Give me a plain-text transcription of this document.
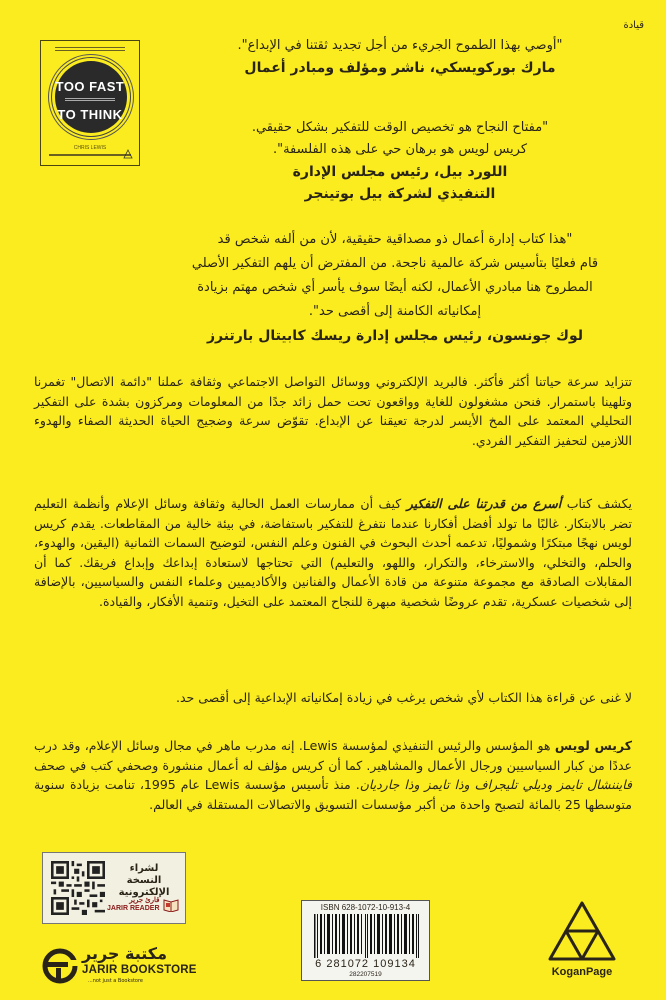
قيادة
TOO FAST
TO THINK
CHRIS LEWIS
"أوصي بهذا الطموح الجريء من أجل تجديد ثقتنا في الإبداع".
مارك بوركويسكي، ناشر ومؤلف ومبادر أعمال
"مفتاح النجاح هو تخصيص الوقت للتفكير بشكل حقيقي.
كريس لويس هو برهان حي على هذه الفلسفة".
اللورد بيل، رئيس مجلس الإدارة
التنفيذي لشركة بيل بوتينجر
"هذا كتاب إدارة أعمال ذو مصداقية حقيقية، لأن من ألفه شخص قد
قام فعليًا بتأسيس شركة عالمية ناجحة. من المفترض أن يلهم التفكير الأصلي
المطروح هنا مبادري الأعمال، لكنه أيضًا سوف يأسر أي شخص مهتم بزيادة
إمكانياته الكامنة إلى أقصى حد".
لوك جونسون، رئيس مجلس إدارة ريسك كابيتال بارتنرز

تتزايد سرعة حياتنا أكثر فأكثر. فالبريد الإلكتروني ووسائل التواصل الاجتماعي وثقافة عملنا "دائمة الاتصال" تغمرنا وتلهينا باستمرار. فنحن مشغولون للغاية وواقعون تحت حمل زائد جدًا من المعلومات ومركزون بشدة على التفكير التحليلي المعتمد على المخ الأيسر لدرجة تعيقنا عن الإبداع. تقوّض سرعة وضجيج الحياة الحديثة الصفاء والهدوء اللازمين لتحفيز التفكير الفردي.

يكشف كتاب أسرع من قدرتنا على التفكير كيف أن ممارسات العمل الحالية وثقافة وسائل الإعلام وأنظمة التعليم تضر بالابتكار. غالبًا ما تولد أفضل أفكارنا عندما نتفرغ للتفكير باستفاضة، في بيئة خالية من المقاطعات. يقدم كريس لويس نهجًا مبتكرًا وشموليًا، تدعمه أحدث البحوث في الفنون وعلم النفس، لتوضيح السمات الثمانية (اليقين، والهدوء، والحلم، والتخلي، والاسترخاء، والتكرار، واللهو، والتعليم) التي تحتاجها لاستعادة إبداعك وإبداع فريقك. كما أن المقابلات الصادقة مع مجموعة متنوعة من قادة الأعمال والفنانين والأكاديميين وعلماء النفس والسياسيين، بالإضافة إلى شخصيات عسكرية، تقدم عروضًا شخصية مبهرة للنجاح المعتمد على التخيل، وتنمية الأفكار، والقيادة.

لا غنى عن قراءة هذا الكتاب لأي شخص يرغب في زيادة إمكانياته الإبداعية إلى أقصى حد.

كريس لويس هو المؤسس والرئيس التنفيذي لمؤسسة Lewis. إنه مدرب ماهر في مجال وسائل الإعلام، وقد درب عددًا من كبار السياسيين ورجال الأعمال والمشاهير. كما أن كريس مؤلف له أعمال منشورة وصحفي كتب في صحف فايننشال تايمز وديلي تليجراف وذا تايمز وذا جارديان. منذ تأسيس مؤسسة Lewis عام 1995، تنامت بزيادة سنوية متوسطها 25 بالمائة لتصبح واحدة من أكبر مؤسسات التسويق والاتصالات المستقلة في العالم.

لشراء النسخة
الإلكترونية
قارئ جرير
JARIR READER
مكتبة جرير
JARIR BOOKSTORE
...not just a Bookstore
ISBN 628-1072-10-913-4
6 281072 109134
282207519	KoganPage
